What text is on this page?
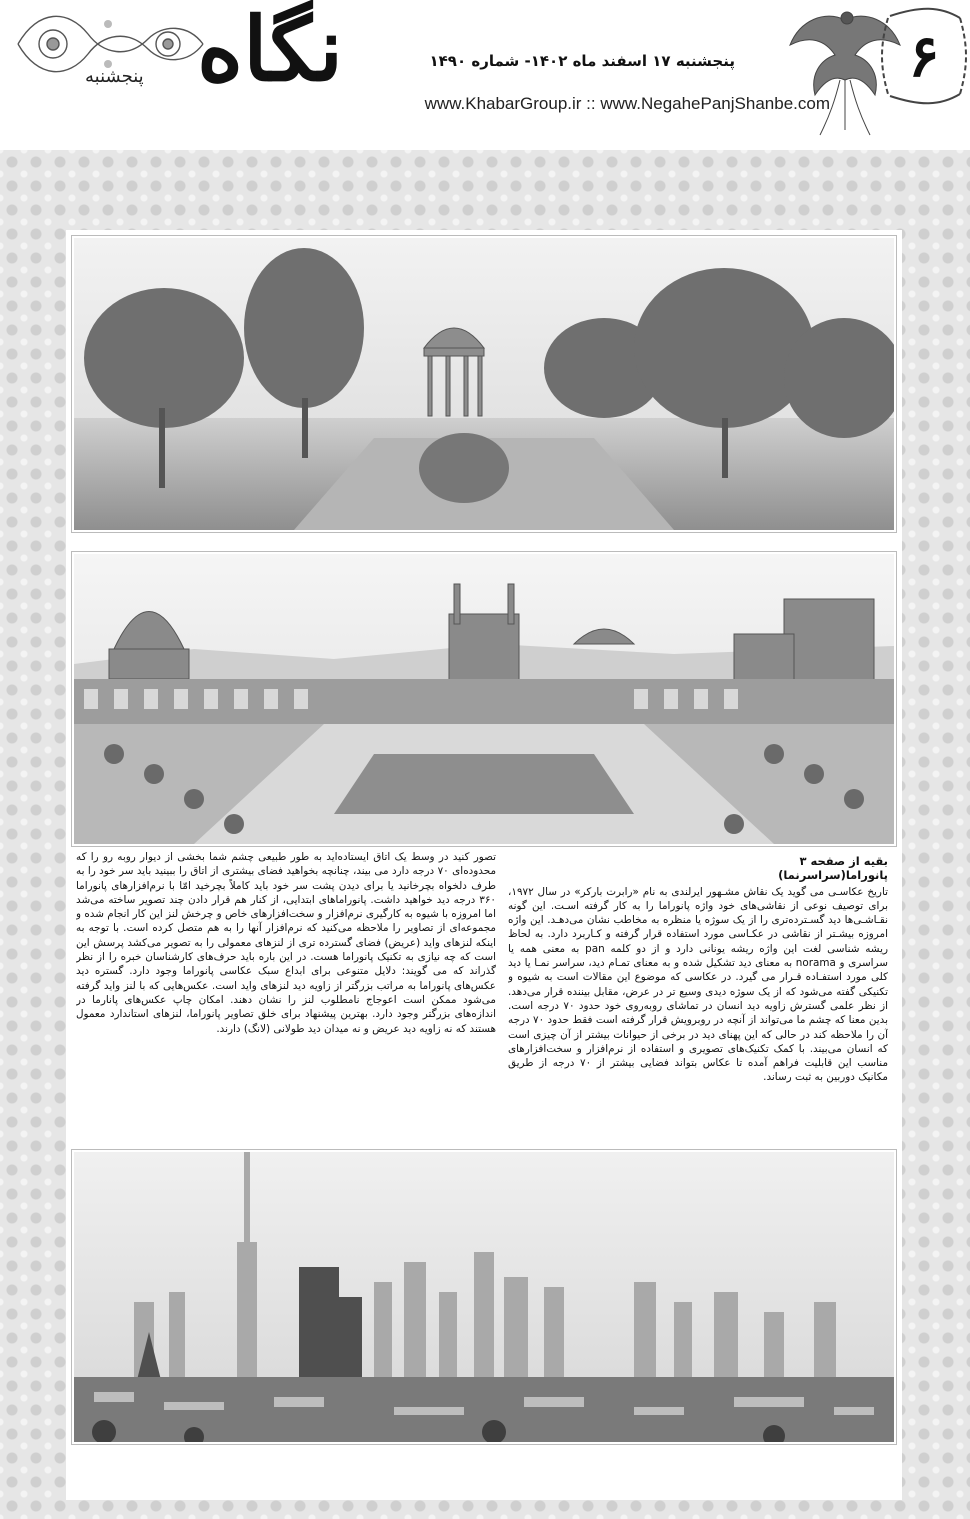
نگاه
پنجشنبه
پنجشنبه ۱۷ اسفند ماه ۱۴۰۲- شماره ۱۴۹۰
www.KhabarGroup.ir :: www.NegahePanjShanbe.com
۶
بقیه از صفحه ۳
پانوراما(سراسرنما)

تاریخ عکاسـی می گوید یک نقاش مشـهور ایرلندی به نام «رابرت بارکر» در سال ۱۹۷۲، برای توصیف نوعی از نقاشی‌های خود واژه پانوراما را به کار گرفته اسـت. این گونه نقـاشـی‌ها دید گسـترده‌تری را از یک سوژه یا منظره به مخاطب نشان می‌دهـد. این واژه امروزه بیشـتر از نقاشی در عکـاسی مورد استفاده قرار گرفته و کـاربرد دارد. به لحاظ ریشه شناسی لغت این واژه ریشه یونانی دارد و از دو کلمه pan به معنی همه یا سراسری و norama به معنای دید تشکیل شده و به معنای تمـام دید، سراسر نمـا یا دید کلی مورد استفـاده قـرار می گیرد. در عکاسی که موضوع این مقالات است به شیوه و تکنیکی گفته می‌شود که از یک سوژه دیدی وسیع تر در عرض، مقابل بیننده قرار می‌دهد. از نظر علمی گسترش زاویه دید انسان در تماشای روبه‌روی خود حدود ۷۰ درجه است. بدین معنا که چشم ما می‌تواند از آنچه در روبرویش قرار گرفته است فقط حدود ۷۰ درجه آن را ملاحظه کند در حالی که این پهنای دید در برخی از حیوانات بیشتر از آن چیزی است که انسان می‌بیند. با کمک تکنیک‌های تصویری و استفاده از نرم‌افزار و سخت‌افزارهای مناسب این قابلیت فراهم آمده تا عکاس بتواند فضایی بیشتر از ۷۰ درجه از طریق مکانیک دوربین به ثبت رساند.

تصور کنید در وسط یک اتاق ایستاده‌اید به طور طبیعی چشم شما بخشی از دیوار روبه رو را که محدوده‌ای ۷۰ درجه دارد می بیند، چنانچه بخواهید فضای بیشتری از اتاق را ببینید باید سر خود را به طرف دلخواه بچرخانید یا برای دیدن پشت سر خود باید کاملاً بچرخید امّا با نرم‌افزارهای پانوراما ۳۶۰ درجه دید خواهید داشت. پانوراماهای ابتدایی، از کنار هم قرار دادن چند تصویر ساخته می‌شد اما امروزه با شیوه به کارگیری نرم‌افزار و سخت‌افزارهای خاص و چرخش لنز این کار انجام شده و مجموعه‌ای از تصاویر را ملاحظه می‌کنید که نرم‌افزار آنها را به هم متصل کرده است. با توجه به اینکه لنزهای واید (عریض) فضای گسترده تری از لنزهای معمولی را به تصویر می‌کشد پرسش این است که چه نیازی به تکنیک پانوراما هست. در این باره باید حرف‌های کارشناسان خبره را از نظر گذراند که می گویند: دلایل متنوعی برای ابداع سبک عکاسی پانوراما وجود دارد. گستره دید عکس‌های پانوراما به مراتب بزرگتر از زاویه دید لنزهای واید است. عکس‌هایی که با لنز واید گرفته می‌شود ممکن است اعوجاج نامطلوب لنز را نشان دهند. امکان چاپ عکس‌های پانارما در اندازه‌های بزرگتر وجود دارد. بهترین پیشنهاد برای خلق تصاویر پانوراما، لنزهای استاندارد معمول هستند که نه زاویه دید عریض و نه میدان دید طولانی (لانگ) دارند.
